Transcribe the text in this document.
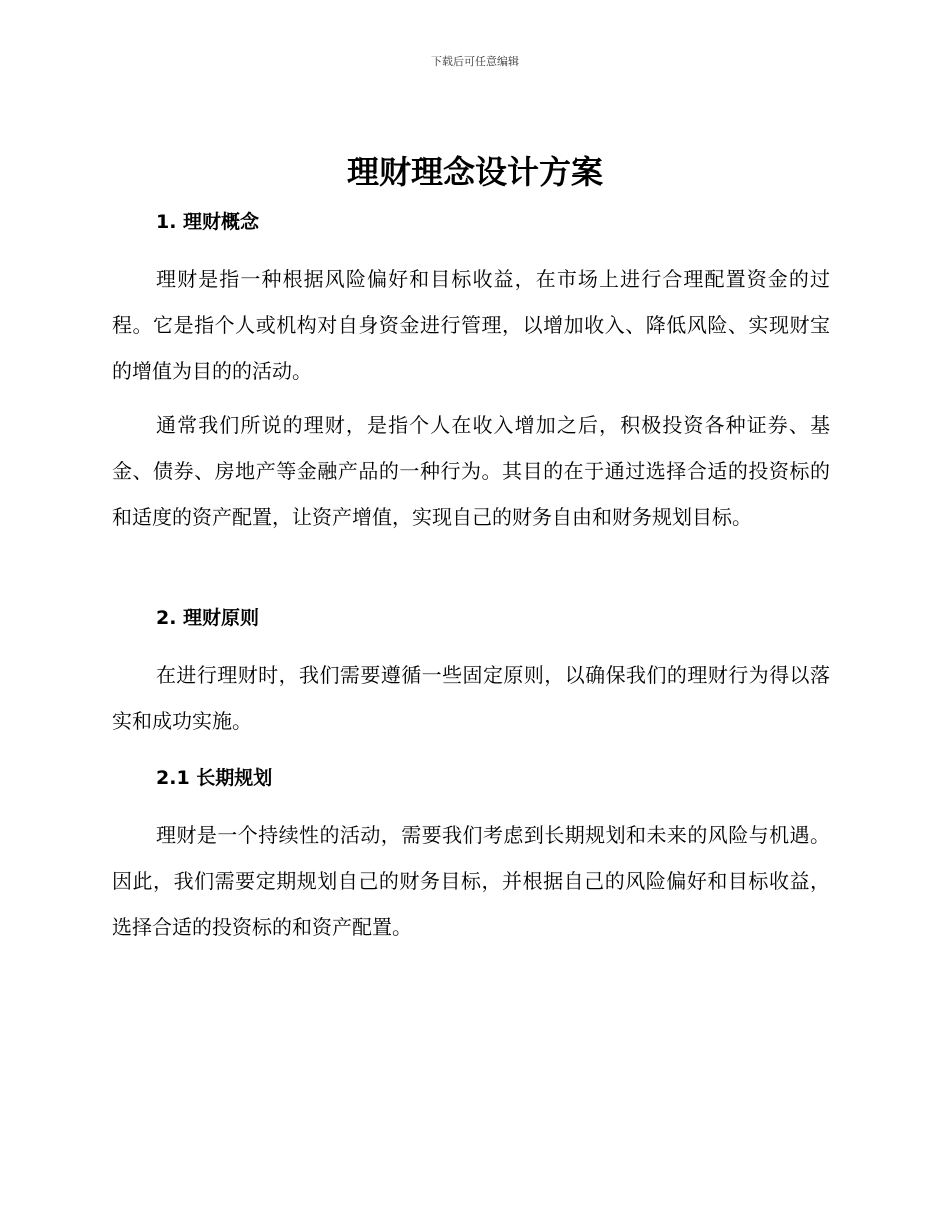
下载后可任意编辑
理财理念设计方案
1. 理财概念

理财是指一种根据风险偏好和目标收益，在市场上进行合理配置资金的过程。它是指个人或机构对自身资金进行管理，以增加收入、降低风险、实现财宝的增值为目的的活动。

通常我们所说的理财，是指个人在收入增加之后，积极投资各种证券、基金、债券、房地产等金融产品的一种行为。其目的在于通过选择合适的投资标的和适度的资产配置，让资产增值，实现自己的财务自由和财务规划目标。

2. 理财原则

在进行理财时，我们需要遵循一些固定原则，以确保我们的理财行为得以落实和成功实施。

2.1 长期规划

理财是一个持续性的活动，需要我们考虑到长期规划和未来的风险与机遇。因此，我们需要定期规划自己的财务目标，并根据自己的风险偏好和目标收益，选择合适的投资标的和资产配置。
